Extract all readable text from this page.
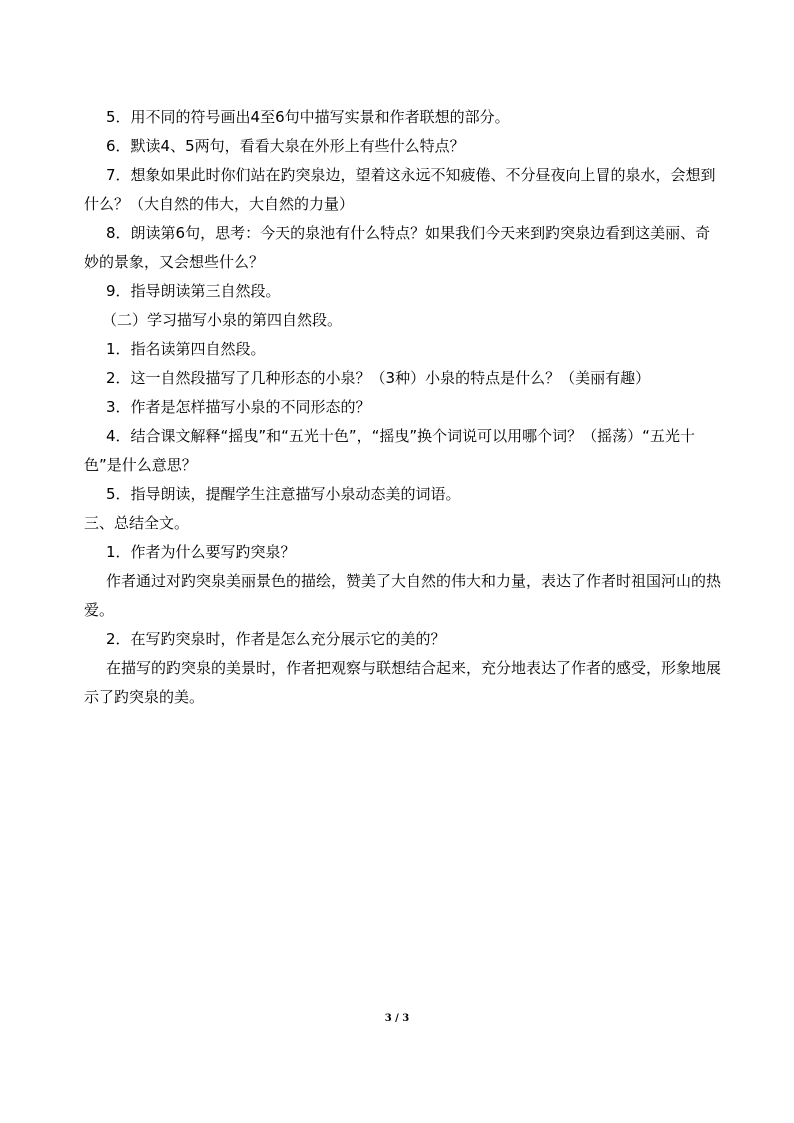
5．用不同的符号画出4至6句中描写实景和作者联想的部分。

6．默读4、5两句，看看大泉在外形上有些什么特点？

7．想象如果此时你们站在趵突泉边，望着这永远不知疲倦、不分昼夜向上冒的泉水，会想到什么？（大自然的伟大，大自然的力量）

8．朗读第6句，思考：今天的泉池有什么特点？如果我们今天来到趵突泉边看到这美丽、奇妙的景象，又会想些什么？

9．指导朗读第三自然段。

（二）学习描写小泉的第四自然段。

1．指名读第四自然段。

2．这一自然段描写了几种形态的小泉？（3种）小泉的特点是什么？（美丽有趣）

3．作者是怎样描写小泉的不同形态的？

4．结合课文解释“摇曳”和“五光十色”，“摇曳”换个词说可以用哪个词？（摇荡）“五光十色”是什么意思？

5．指导朗读，提醒学生注意描写小泉动态美的词语。

三、总结全文。

1．作者为什么要写趵突泉？

作者通过对趵突泉美丽景色的描绘，赞美了大自然的伟大和力量，表达了作者时祖国河山的热爱。

2．在写趵突泉时，作者是怎么充分展示它的美的？

在描写的趵突泉的美景时，作者把观察与联想结合起来，充分地表达了作者的感受，形象地展示了趵突泉的美。

3 / 3
